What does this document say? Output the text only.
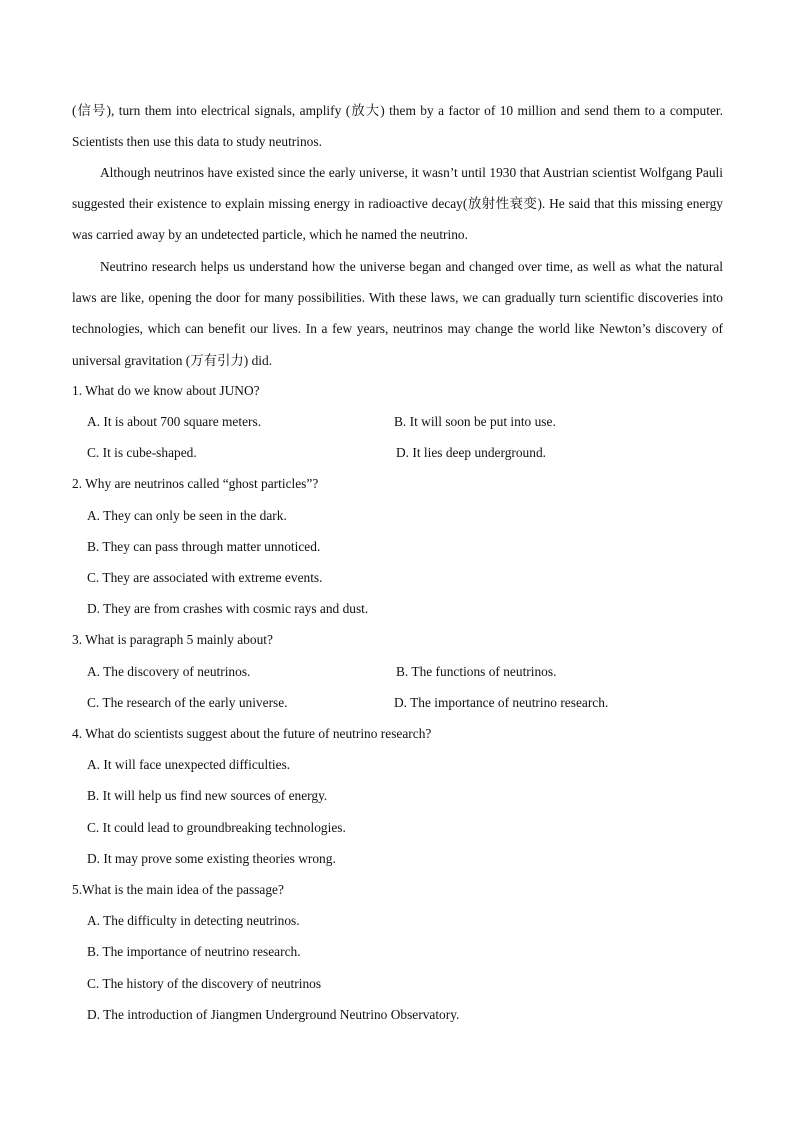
(信号), turn them into electrical signals, amplify (放大) them by a factor of 10 million and send them to a computer. Scientists then use this data to study neutrinos.

Although neutrinos have existed since the early universe, it wasn’t until 1930 that Austrian scientist Wolfgang Pauli suggested their existence to explain missing energy in radioactive decay(放射性衰变). He said that this missing energy was carried away by an undetected particle, which he named the neutrino.

Neutrino research helps us understand how the universe began and changed over time, as well as what the natural laws are like, opening the door for many possibilities. With these laws, we can gradually turn scientific discoveries into technologies, which can benefit our lives. In a few years, neutrinos may change the world like Newton’s discovery of universal gravitation (万有引力) did.

1. What do we know about JUNO?
A. It is about 700 square meters.	B. It will soon be put into use.
C. It is cube-shaped.	D. It lies deep underground.
2. Why are neutrinos called “ghost particles”?
A. They can only be seen in the dark.
B. They can pass through matter unnoticed.
C. They are associated with extreme events.
D. They are from crashes with cosmic rays and dust.
3. What is paragraph 5 mainly about?
A. The discovery of neutrinos.	B. The functions of neutrinos.
C. The research of the early universe.	D. The importance of neutrino research.
4. What do scientists suggest about the future of neutrino research?
A. It will face unexpected difficulties.
B. It will help us find new sources of energy.
C. It could lead to groundbreaking technologies.
D. It may prove some existing theories wrong.
5.What is the main idea of the passage?
A. The difficulty in detecting neutrinos.
B. The importance of neutrino research.
C. The history of the discovery of neutrinos
D. The introduction of Jiangmen Underground Neutrino Observatory.
